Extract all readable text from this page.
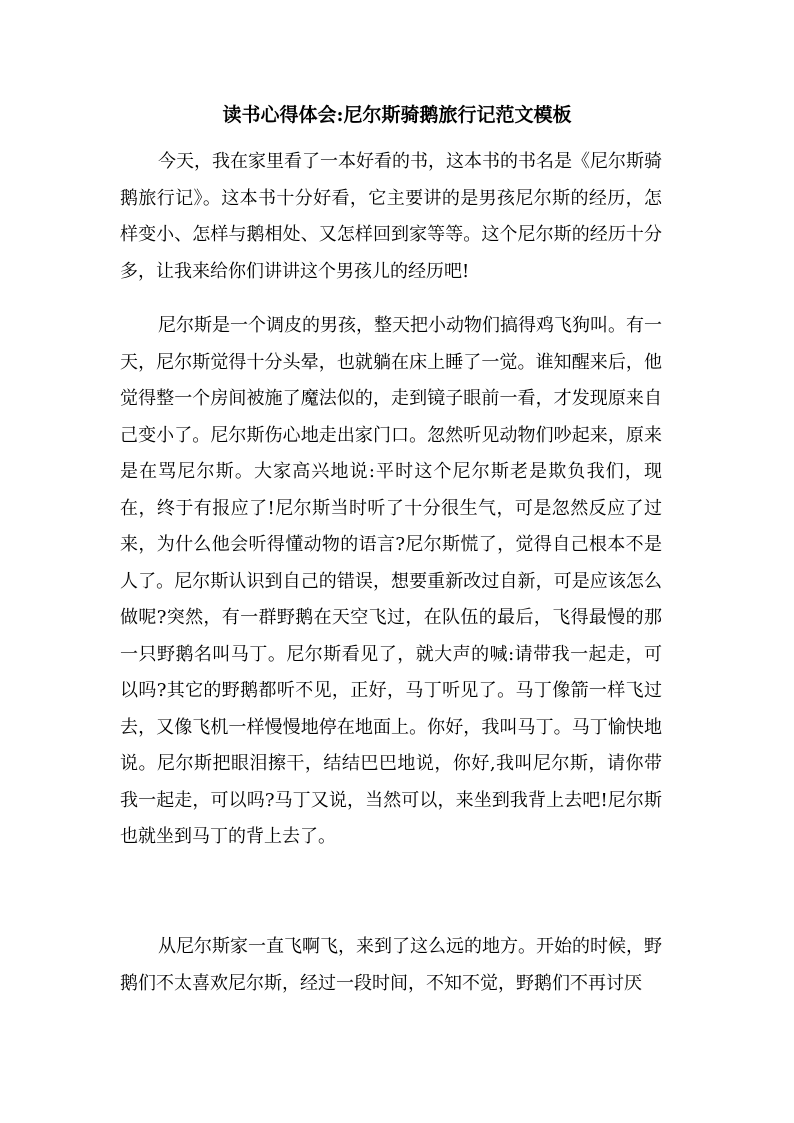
读书心得体会:尼尔斯骑鹅旅行记范文模板

今天，我在家里看了一本好看的书，这本书的书名是《尼尔斯骑鹅旅行记》。这本书十分好看，它主要讲的是男孩尼尔斯的经历，怎样变小、怎样与鹅相处、又怎样回到家等等。这个尼尔斯的经历十分多，让我来给你们讲讲这个男孩儿的经历吧!

尼尔斯是一个调皮的男孩，整天把小动物们搞得鸡飞狗叫。有一天，尼尔斯觉得十分头晕，也就躺在床上睡了一觉。谁知醒来后，他觉得整一个房间被施了魔法似的，走到镜子眼前一看，才发现原来自己变小了。尼尔斯伤心地走出家门口。忽然听见动物们吵起来，原来是在骂尼尔斯。大家高兴地说:平时这个尼尔斯老是欺负我们，现在，终于有报应了!尼尔斯当时听了十分很生气，可是忽然反应了过来，为什么他会听得懂动物的语言?尼尔斯慌了，觉得自己根本不是人了。尼尔斯认识到自己的错误，想要重新改过自新，可是应该怎么做呢?突然，有一群野鹅在天空飞过，在队伍的最后，飞得最慢的那一只野鹅名叫马丁。尼尔斯看见了，就大声的喊:请带我一起走，可以吗?其它的野鹅都听不见，正好，马丁听见了。马丁像箭一样飞过去，又像飞机一样慢慢地停在地面上。你好，我叫马丁。马丁愉快地说。尼尔斯把眼泪擦干，结结巴巴地说，你好,我叫尼尔斯，请你带我一起走，可以吗?马丁又说，当然可以，来坐到我背上去吧!尼尔斯也就坐到马丁的背上去了。

从尼尔斯家一直飞啊飞，来到了这么远的地方。开始的时候，野鹅们不太喜欢尼尔斯，经过一段时间，不知不觉，野鹅们不再讨厌
